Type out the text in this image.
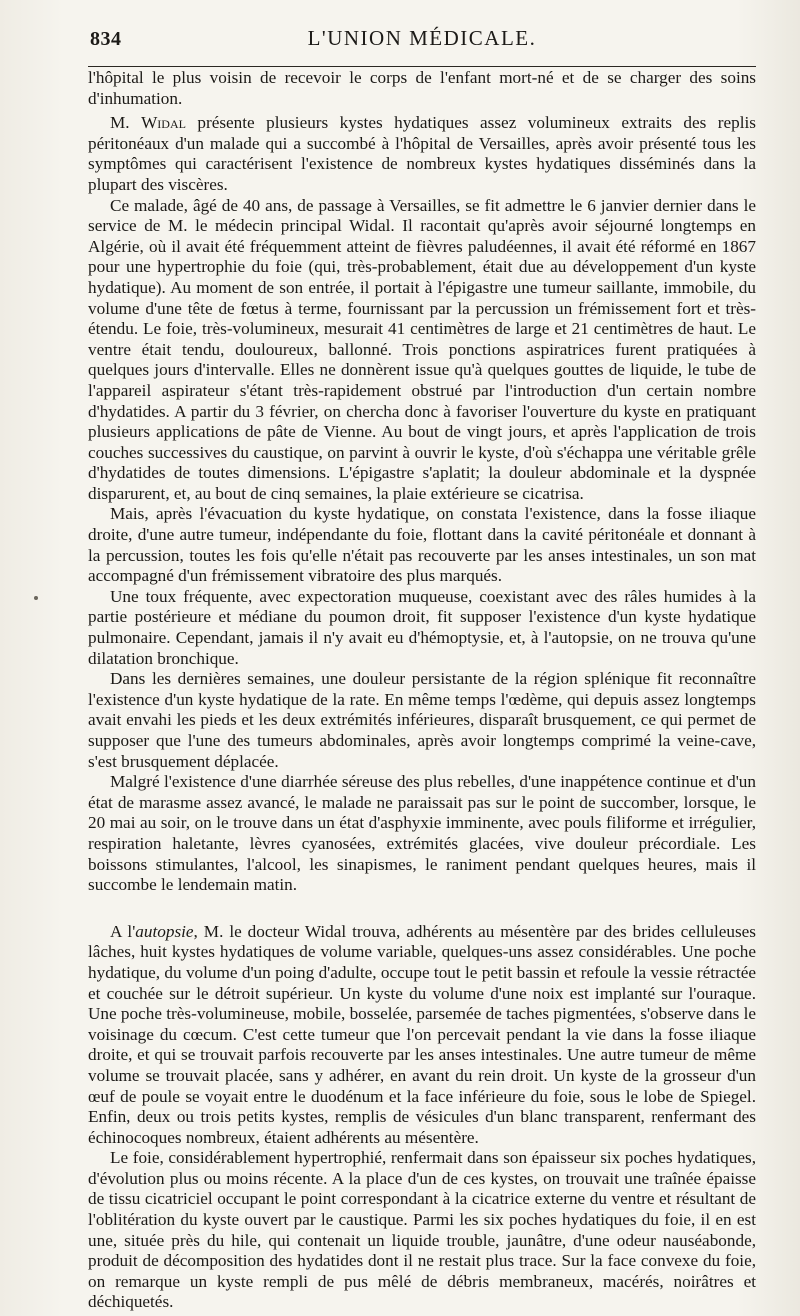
834	L'UNION MÉDICALE.

l'hôpital le plus voisin de recevoir le corps de l'enfant mort-né et de se charger des soins d'inhumation.

M. Widal présente plusieurs kystes hydatiques assez volumineux extraits des replis péritonéaux d'un malade qui a succombé à l'hôpital de Versailles, après avoir présenté tous les symptômes qui caractérisent l'existence de nombreux kystes hydatiques disséminés dans la plupart des viscères.

Ce malade, âgé de 40 ans, de passage à Versailles, se fit admettre le 6 janvier dernier dans le service de M. le médecin principal Widal. Il racontait qu'après avoir séjourné longtemps en Algérie, où il avait été fréquemment atteint de fièvres paludéennes, il avait été réformé en 1867 pour une hypertrophie du foie (qui, très-probablement, était due au développement d'un kyste hydatique). Au moment de son entrée, il portait à l'épigastre une tumeur saillante, immobile, du volume d'une tête de fœtus à terme, fournissant par la percussion un frémissement fort et très-étendu. Le foie, très-volumineux, mesurait 41 centimètres de large et 21 centimètres de haut. Le ventre était tendu, douloureux, ballonné. Trois ponctions aspiratrices furent pratiquées à quelques jours d'intervalle. Elles ne donnèrent issue qu'à quelques gouttes de liquide, le tube de l'appareil aspirateur s'étant très-rapidement obstrué par l'introduction d'un certain nombre d'hydatides. A partir du 3 février, on chercha donc à favoriser l'ouverture du kyste en pratiquant plusieurs applications de pâte de Vienne. Au bout de vingt jours, et après l'application de trois couches successives du caustique, on parvint à ouvrir le kyste, d'où s'échappa une véritable grêle d'hydatides de toutes dimensions. L'épigastre s'aplatit; la douleur abdominale et la dyspnée disparurent, et, au bout de cinq semaines, la plaie extérieure se cicatrisa.

Mais, après l'évacuation du kyste hydatique, on constata l'existence, dans la fosse iliaque droite, d'une autre tumeur, indépendante du foie, flottant dans la cavité péritonéale et donnant à la percussion, toutes les fois qu'elle n'était pas recouverte par les anses intestinales, un son mat accompagné d'un frémissement vibratoire des plus marqués.

Une toux fréquente, avec expectoration muqueuse, coexistant avec des râles humides à la partie postérieure et médiane du poumon droit, fit supposer l'existence d'un kyste hydatique pulmonaire. Cependant, jamais il n'y avait eu d'hémoptysie, et, à l'autopsie, on ne trouva qu'une dilatation bronchique.

Dans les dernières semaines, une douleur persistante de la région splénique fit reconnaître l'existence d'un kyste hydatique de la rate. En même temps l'œdème, qui depuis assez longtemps avait envahi les pieds et les deux extrémités inférieures, disparaît brusquement, ce qui permet de supposer que l'une des tumeurs abdominales, après avoir longtemps comprimé la veine-cave, s'est brusquement déplacée.

Malgré l'existence d'une diarrhée séreuse des plus rebelles, d'une inappétence continue et d'un état de marasme assez avancé, le malade ne paraissait pas sur le point de succomber, lorsque, le 20 mai au soir, on le trouve dans un état d'asphyxie imminente, avec pouls filiforme et irrégulier, respiration haletante, lèvres cyanosées, extrémités glacées, vive douleur précordiale. Les boissons stimulantes, l'alcool, les sinapismes, le raniment pendant quelques heures, mais il succombe le lendemain matin.

A l'autopsie, M. le docteur Widal trouva, adhérents au mésentère par des brides celluleuses lâches, huit kystes hydatiques de volume variable, quelques-uns assez considérables. Une poche hydatique, du volume d'un poing d'adulte, occupe tout le petit bassin et refoule la vessie rétractée et couchée sur le détroit supérieur. Un kyste du volume d'une noix est implanté sur l'ouraque. Une poche très-volumineuse, mobile, bosselée, parsemée de taches pigmentées, s'observe dans le voisinage du cœcum. C'est cette tumeur que l'on percevait pendant la vie dans la fosse iliaque droite, et qui se trouvait parfois recouverte par les anses intestinales. Une autre tumeur de même volume se trouvait placée, sans y adhérer, en avant du rein droit. Un kyste de la grosseur d'un œuf de poule se voyait entre le duodénum et la face inférieure du foie, sous le lobe de Spiegel. Enfin, deux ou trois petits kystes, remplis de vésicules d'un blanc transparent, renfermant des échinocoques nombreux, étaient adhérents au mésentère.

Le foie, considérablement hypertrophié, renfermait dans son épaisseur six poches hydatiques, d'évolution plus ou moins récente. A la place d'un de ces kystes, on trouvait une traînée épaisse de tissu cicatriciel occupant le point correspondant à la cicatrice externe du ventre et résultant de l'oblitération du kyste ouvert par le caustique. Parmi les six poches hydatiques du foie, il en est une, située près du hile, qui contenait un liquide trouble, jaunâtre, d'une odeur nauséabonde, produit de décomposition des hydatides dont il ne restait plus trace. Sur la face convexe du foie, on remarque un kyste rempli de pus mêlé de débris membraneux, macérés, noirâtres et déchiquetés.
